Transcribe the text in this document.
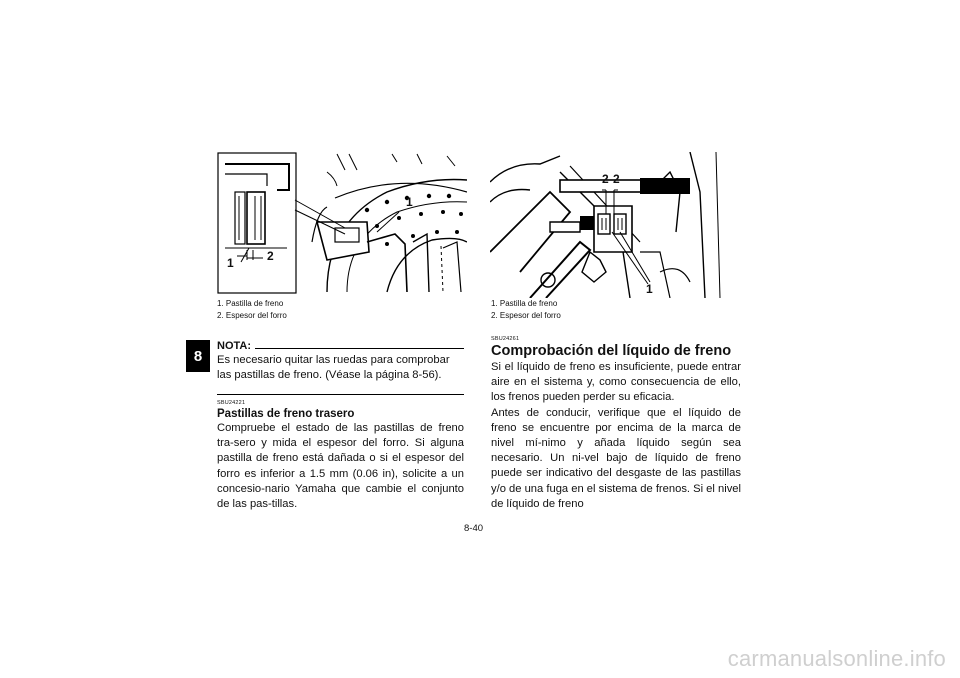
8
1	2
1
1. Pastilla de freno
2. Espesor del forro
2 2
1
1. Pastilla de freno
2. Espesor del forro
NOTA:
Es necesario quitar las ruedas para comprobar las pastillas de freno. (Véase la página 8-56).
SBU24221
Pastillas de freno trasero
Compruebe el estado de las pastillas de freno tra-sero y mida el espesor del forro. Si alguna pastilla de freno está dañada o si el espesor del forro es inferior a 1.5 mm (0.06 in), solicite a un concesio-nario Yamaha que cambie el conjunto de las pas-tillas.
SBU24261
Comprobación del líquido de freno
Si el líquido de freno es insuficiente, puede entrar aire en el sistema y, como consecuencia de ello, los frenos pueden perder su eficacia.
Antes de conducir, verifique que el líquido de freno se encuentre por encima de la marca de nivel mí-nimo y añada líquido según sea necesario. Un ni-vel bajo de líquido de freno puede ser indicativo del desgaste de las pastillas y/o de una fuga en el sistema de frenos. Si el nivel de líquido de freno
8-40
carmanualsonline.info
